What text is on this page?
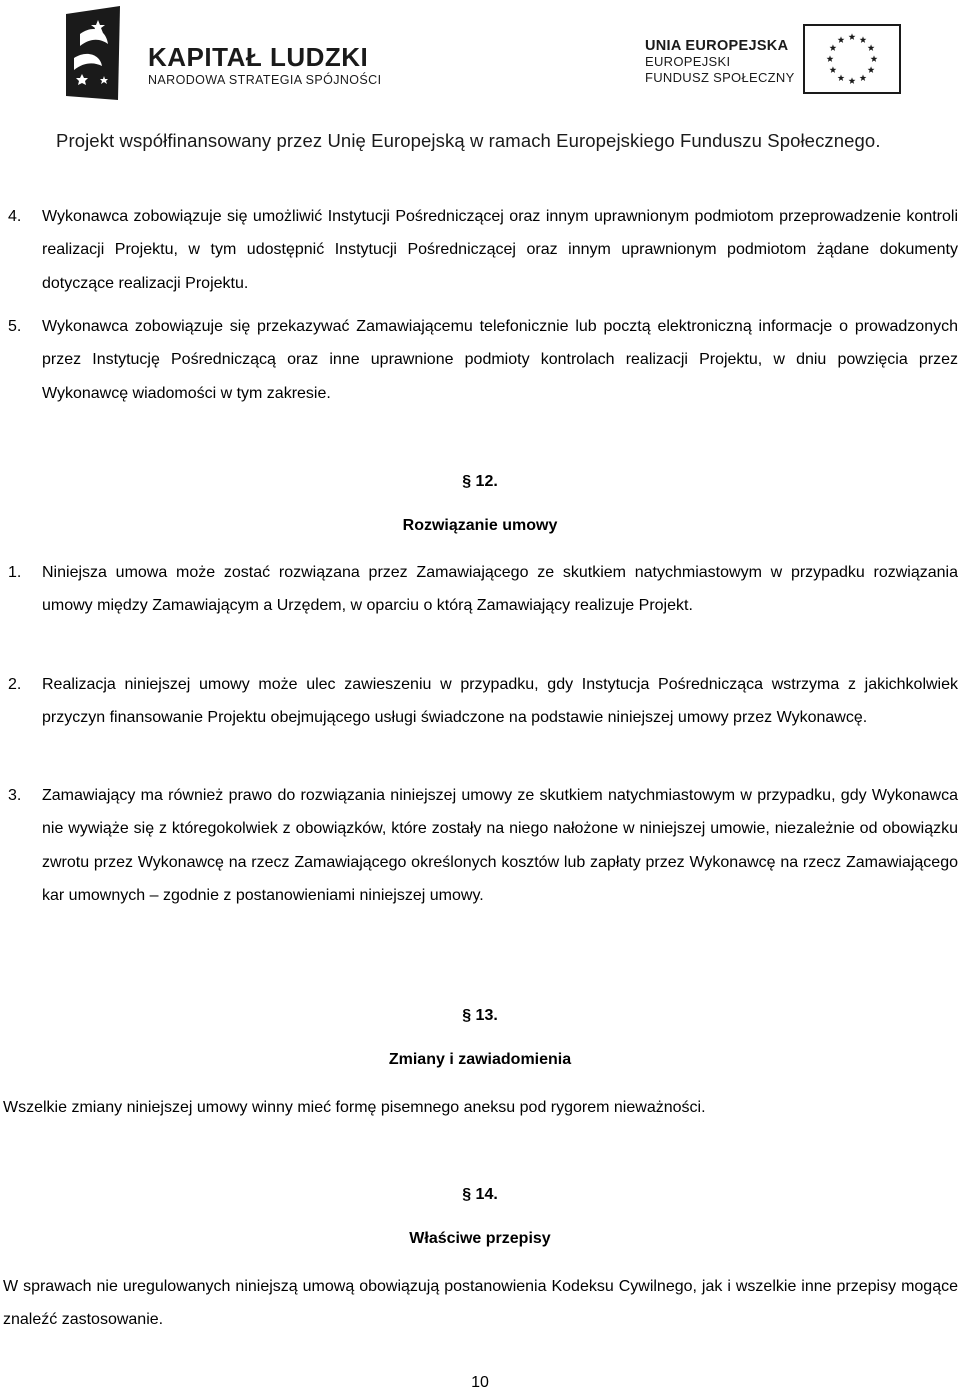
KAPITAŁ LUDZKI
NARODOWA STRATEGIA SPÓJNOŚCI
UNIA EUROPEJSKA
EUROPEJSKI
FUNDUSZ SPOŁECZNY
Projekt współfinansowany przez Unię Europejską w ramach Europejskiego Funduszu Społecznego.
4. Wykonawca zobowiązuje się umożliwić Instytucji Pośredniczącej oraz innym uprawnionym podmiotom przeprowadzenie kontroli realizacji Projektu, w tym udostępnić Instytucji Pośredniczącej oraz innym uprawnionym podmiotom żądane dokumenty dotyczące realizacji Projektu.
5. Wykonawca zobowiązuje się przekazywać Zamawiającemu telefonicznie lub pocztą elektroniczną informacje o prowadzonych przez Instytucję Pośredniczącą oraz inne uprawnione podmioty kontrolach realizacji Projektu, w dniu powzięcia przez Wykonawcę wiadomości w tym zakresie.
§ 12.
Rozwiązanie umowy
1. Niniejsza umowa może zostać rozwiązana przez Zamawiającego ze skutkiem natychmiastowym w przypadku rozwiązania umowy między Zamawiającym a Urzędem, w oparciu o którą Zamawiający realizuje Projekt.
2. Realizacja niniejszej umowy może ulec zawieszeniu w przypadku, gdy Instytucja Pośrednicząca wstrzyma z jakichkolwiek przyczyn finansowanie Projektu obejmującego usługi świadczone na podstawie niniejszej umowy przez Wykonawcę.
3. Zamawiający ma również prawo do rozwiązania niniejszej umowy ze skutkiem natychmiastowym w przypadku, gdy Wykonawca nie wywiąże się z któregokolwiek z obowiązków, które zostały na niego nałożone w niniejszej umowie, niezależnie od obowiązku zwrotu przez Wykonawcę na rzecz Zamawiającego określonych kosztów lub zapłaty przez Wykonawcę na rzecz Zamawiającego kar umownych – zgodnie z postanowieniami niniejszej umowy.
§ 13.
Zmiany i zawiadomienia
Wszelkie zmiany niniejszej umowy winny mieć formę pisemnego aneksu pod rygorem nieważności.
§ 14.
Właściwe przepisy
W sprawach nie uregulowanych niniejszą umową obowiązują postanowienia Kodeksu Cywilnego, jak i wszelkie inne przepisy mogące znaleźć zastosowanie.
10
